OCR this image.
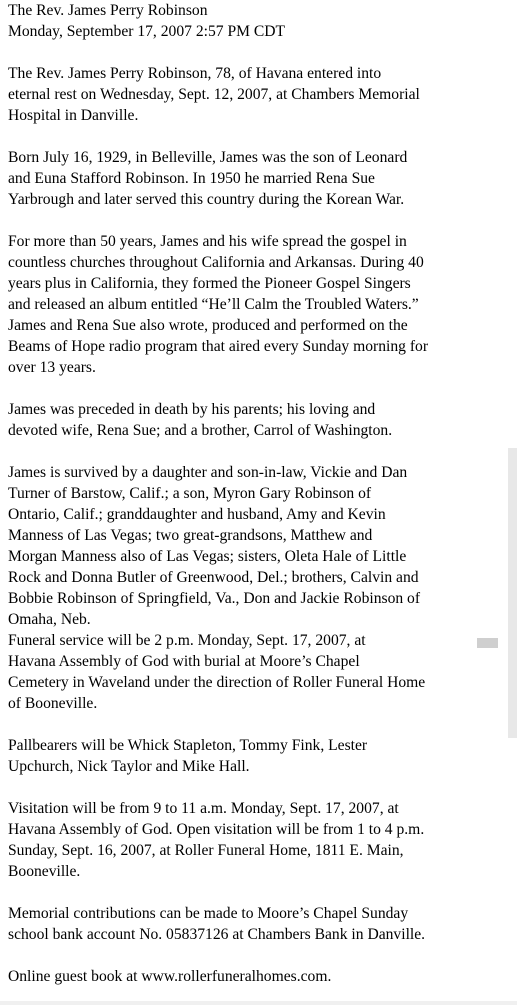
The Rev. James Perry Robinson
Monday, September 17, 2007 2:57 PM CDT
The Rev. James Perry Robinson, 78, of Havana entered into
eternal rest on Wednesday, Sept. 12, 2007, at Chambers Memorial
Hospital in Danville.
Born July 16, 1929, in Belleville, James was the son of Leonard
and Euna Stafford Robinson. In 1950 he married Rena Sue
Yarbrough and later served this country during the Korean War.
For more than 50 years, James and his wife spread the gospel in
countless churches throughout California and Arkansas. During 40
years plus in California, they formed the Pioneer Gospel Singers
and released an album entitled “He’ll Calm the Troubled Waters.”
James and Rena Sue also wrote, produced and performed on the
Beams of Hope radio program that aired every Sunday morning for
over 13 years.
James was preceded in death by his parents; his loving and
devoted wife, Rena Sue; and a brother, Carrol of Washington.
James is survived by a daughter and son-in-law, Vickie and Dan
Turner of Barstow, Calif.; a son, Myron Gary Robinson of
Ontario, Calif.; granddaughter and husband, Amy and Kevin
Manness of Las Vegas; two great-grandsons, Matthew and
Morgan Manness also of Las Vegas; sisters, Oleta Hale of Little
Rock and Donna Butler of Greenwood, Del.; brothers, Calvin and
Bobbie Robinson of Springfield, Va., Don and Jackie Robinson of
Omaha, Neb.
Funeral service will be 2 p.m. Monday, Sept. 17, 2007, at
Havana Assembly of God with burial at Moore’s Chapel
Cemetery in Waveland under the direction of Roller Funeral Home
of Booneville.
Pallbearers will be Whick Stapleton, Tommy Fink, Lester
Upchurch, Nick Taylor and Mike Hall.
Visitation will be from 9 to 11 a.m. Monday, Sept. 17, 2007, at
Havana Assembly of God. Open visitation will be from 1 to 4 p.m.
Sunday, Sept. 16, 2007, at Roller Funeral Home, 1811 E. Main,
Booneville.
Memorial contributions can be made to Moore’s Chapel Sunday
school bank account No. 05837126 at Chambers Bank in Danville.
Online guest book at www.rollerfuneralhomes.com.
